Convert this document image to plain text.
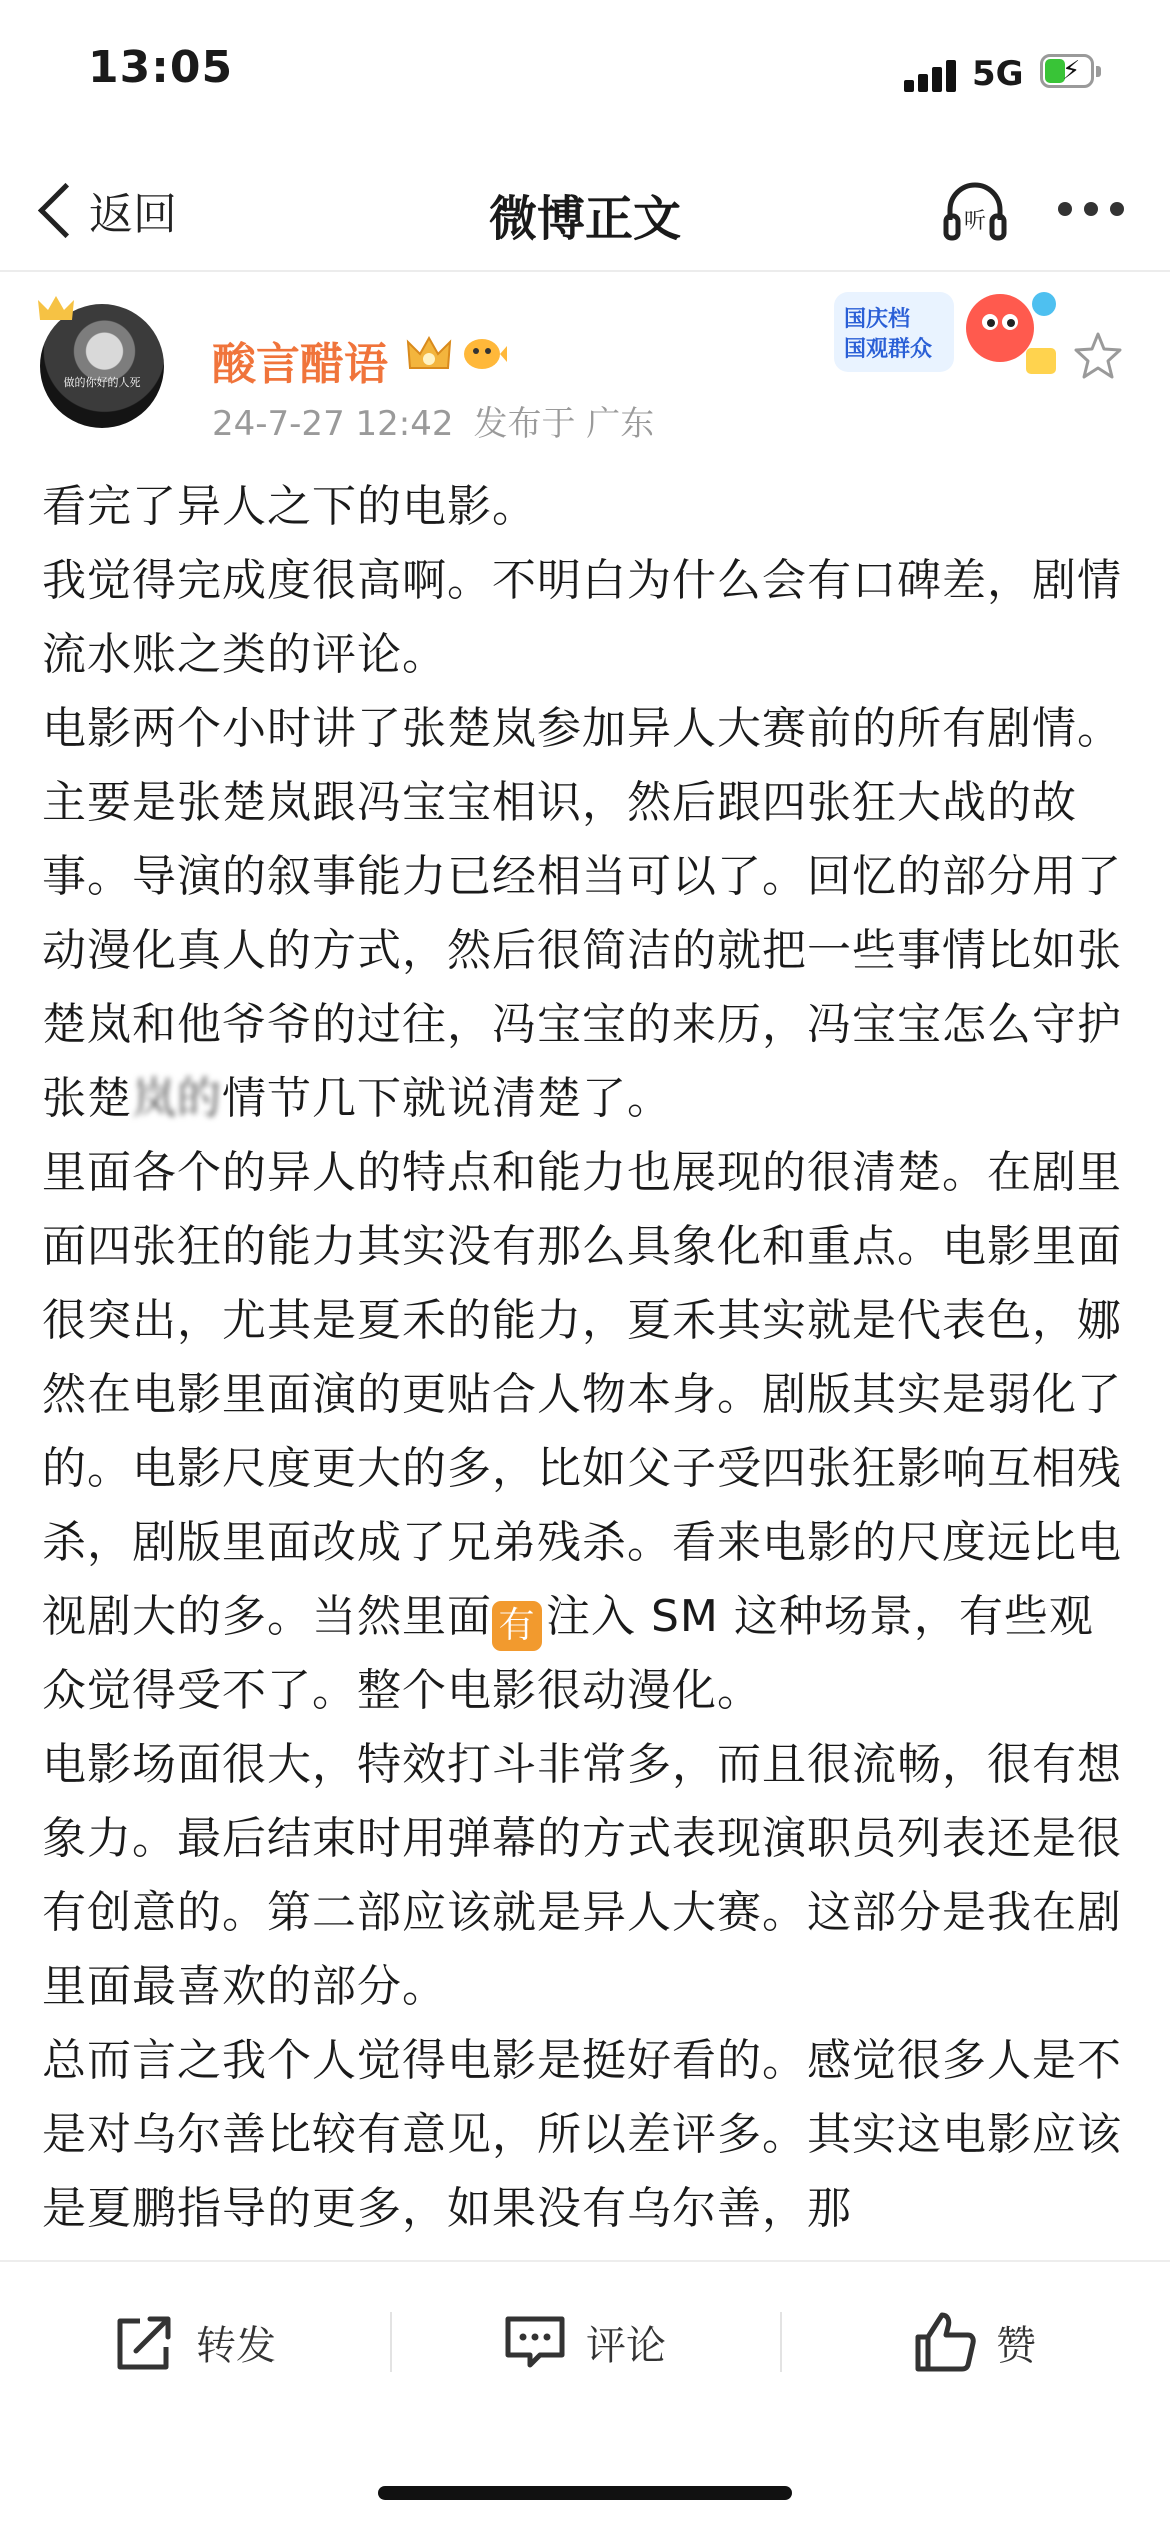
13:05	5G ⚡
返回	微博正文	听
做的你好的人死	酸言醋语
24-7-27 12:42 发布于 广东
国庆档
国观群众

看完了异人之下的电影。

我觉得完成度很高啊。不明白为什么会有口碑差，剧情流水账之类的评论。

电影两个小时讲了张楚岚参加异人大赛前的所有剧情。主要是张楚岚跟冯宝宝相识，然后跟四张狂大战的故事。导演的叙事能力已经相当可以了。回忆的部分用了动漫化真人的方式，然后很简洁的就把一些事情比如张楚岚和他爷爷的过往，冯宝宝的来历，冯宝宝怎么守护张楚岚的情节几下就说清楚了。

里面各个的异人的特点和能力也展现的很清楚。在剧里面四张狂的能力其实没有那么具象化和重点。电影里面很突出，尤其是夏禾的能力，夏禾其实就是代表色，娜然在电影里面演的更贴合人物本身。剧版其实是弱化了的。电影尺度更大的多，比如父子受四张狂影响互相残杀，剧版里面改成了兄弟残杀。看来电影的尺度远比电视剧大的多。当然里面 有 注入 SM 这种场景，有些观众觉得受不了。整个电影很动漫化。

电影场面很大，特效打斗非常多，而且很流畅，很有想象力。最后结束时用弹幕的方式表现演职员列表还是很有创意的。第二部应该就是异人大赛。这部分是我在剧里面最喜欢的部分。

总而言之我个人觉得电影是挺好看的。感觉很多人是不是对乌尔善比较有意见，所以差评多。其实这电影应该是夏鹏指导的更多，如果没有乌尔善，那

转发	评论	赞
